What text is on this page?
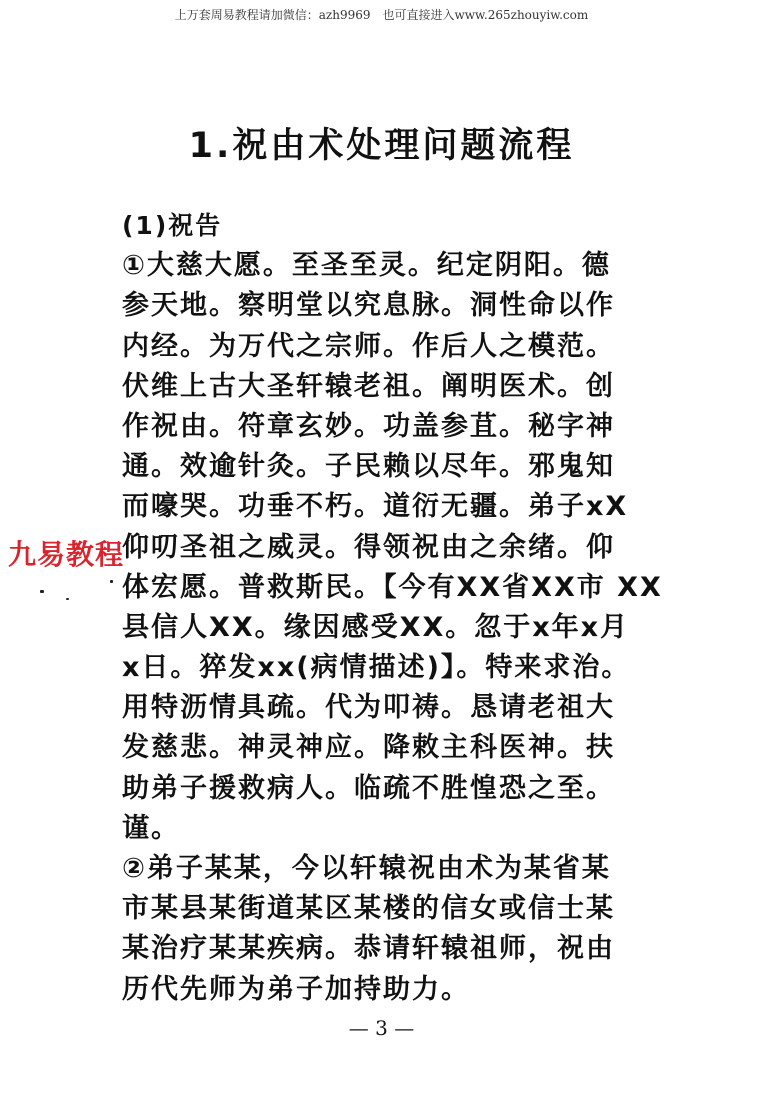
上万套周易教程请加微信：azh9969　也可直接进入www.265zhouyiw.com
1.祝由术处理问题流程
(1)祝告
①大慈大愿。至圣至灵。纪定阴阳。德
参天地。察明堂以究息脉。洞性命以作
内经。为万代之宗师。作后人之模范。
伏维上古大圣轩辕老祖。阐明医术。创
作祝由。符章玄妙。功盖参苴。秘字神
通。效逾针灸。子民赖以尽年。邪鬼知
而嚎哭。功垂不朽。道衍无疆。弟子xX
仰叨圣祖之威灵。得领祝由之余绪。仰
体宏愿。普救斯民。【今有XX省XX市 XX
县信人XX。缘因感受XX。忽于x年x月
x日。猝发xx(病情描述)】。特来求治。
用特沥情具疏。代为叩祷。恳请老祖大
发慈悲。神灵神应。降敕主科医神。扶
助弟子援救病人。临疏不胜惶恐之至。
谨。
②弟子某某，今以轩辕祝由术为某省某
市某县某街道某区某楼的信女或信士某
某治疗某某疾病。恭请轩辕祖师，祝由
历代先师为弟子加持助力。
九易教程
— 3 —
